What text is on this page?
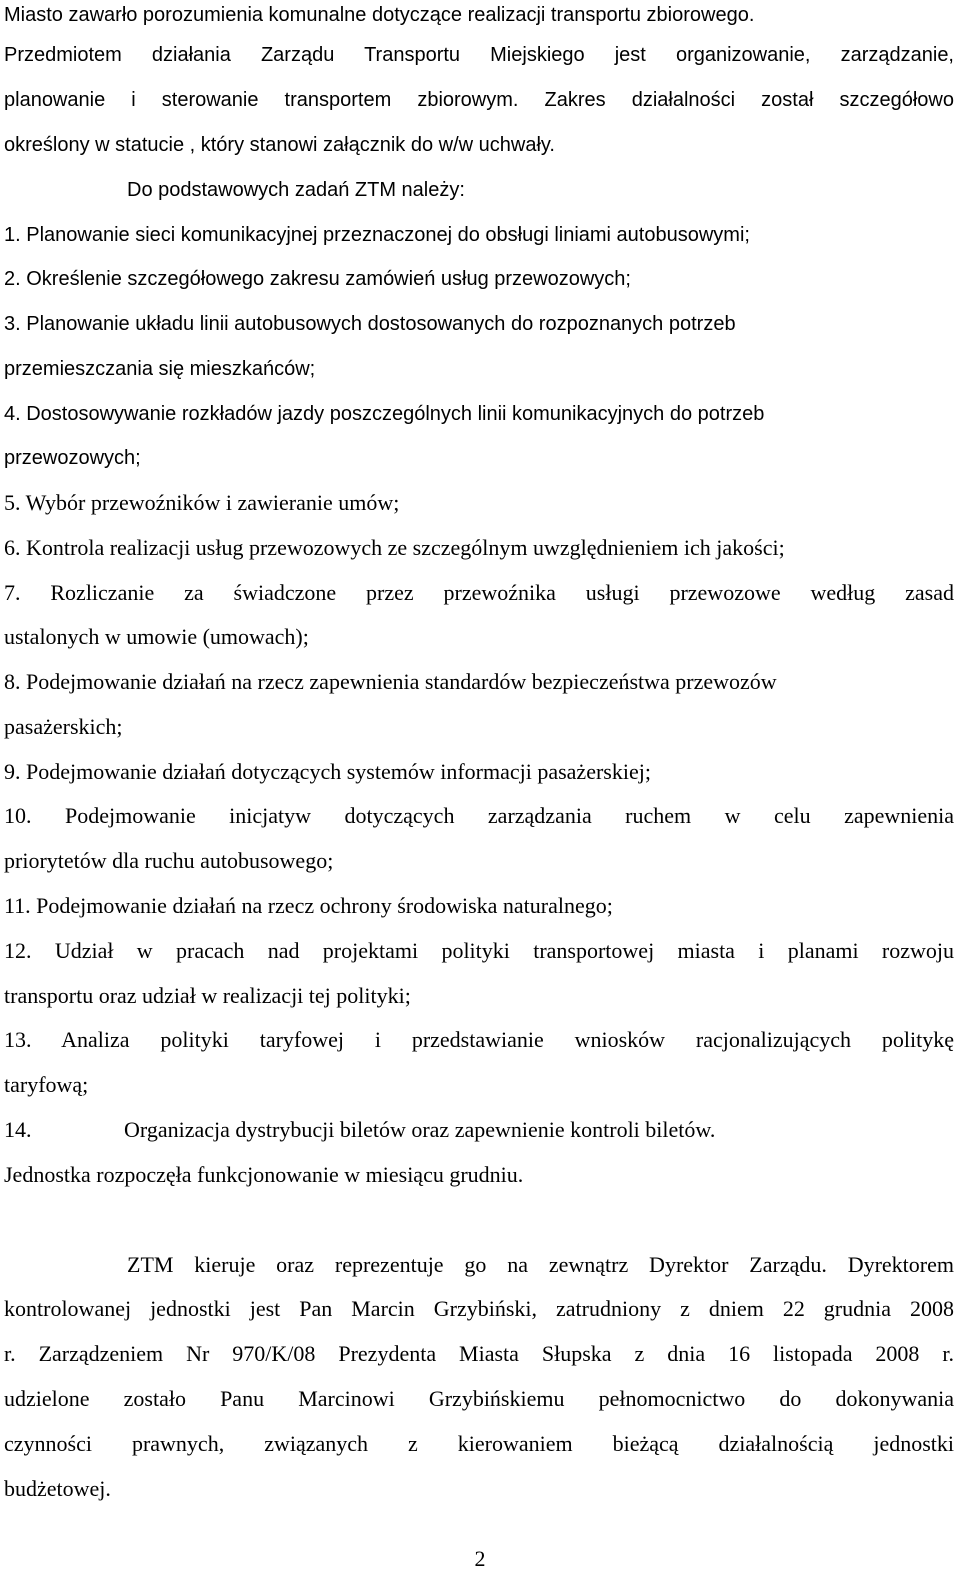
Miasto zawarło porozumienia komunalne dotyczące realizacji transportu zbiorowego.
Przedmiotem działania Zarządu Transportu Miejskiego jest organizowanie, zarządzanie,
planowanie i sterowanie transportem zbiorowym. Zakres działalności został szczegółowo
określony w statucie , który stanowi załącznik do w/w uchwały.
Do podstawowych zadań ZTM należy:
1. Planowanie sieci komunikacyjnej przeznaczonej do obsługi liniami autobusowymi;
2. Określenie szczegółowego zakresu zamówień usług przewozowych;
3. Planowanie układu linii autobusowych dostosowanych do rozpoznanych potrzeb
przemieszczania się mieszkańców;
4. Dostosowywanie rozkładów jazdy poszczególnych linii komunikacyjnych do potrzeb
przewozowych;
5. Wybór przewoźników i zawieranie umów;
6. Kontrola realizacji usług przewozowych ze szczególnym uwzględnieniem ich jakości;
7. Rozliczanie za świadczone przez przewoźnika usługi przewozowe według zasad
ustalonych w umowie (umowach);
8. Podejmowanie działań na rzecz zapewnienia standardów bezpieczeństwa przewozów
pasażerskich;
9. Podejmowanie działań dotyczących systemów informacji pasażerskiej;
10. Podejmowanie inicjatyw dotyczących zarządzania ruchem w celu zapewnienia
priorytetów dla ruchu autobusowego;
11. Podejmowanie działań na rzecz ochrony środowiska naturalnego;
12. Udział w pracach nad projektami polityki transportowej miasta i planami rozwoju
transportu oraz udział w realizacji tej polityki;
13. Analiza polityki taryfowej i przedstawianie wniosków racjonalizujących politykę
taryfową;
14.	Organizacja dystrybucji biletów oraz zapewnienie kontroli biletów.
Jednostka rozpoczęła funkcjonowanie w miesiącu grudniu.
ZTM kieruje oraz reprezentuje go na zewnątrz Dyrektor Zarządu. Dyrektorem
kontrolowanej jednostki jest Pan Marcin Grzybiński, zatrudniony z dniem 22 grudnia 2008
r. Zarządzeniem Nr 970/K/08 Prezydenta Miasta Słupska z dnia 16 listopada 2008 r.
udzielone zostało Panu Marcinowi Grzybińskiemu pełnomocnictwo do dokonywania
czynności prawnych, związanych z kierowaniem bieżącą działalnością jednostki
budżetowej.
2
